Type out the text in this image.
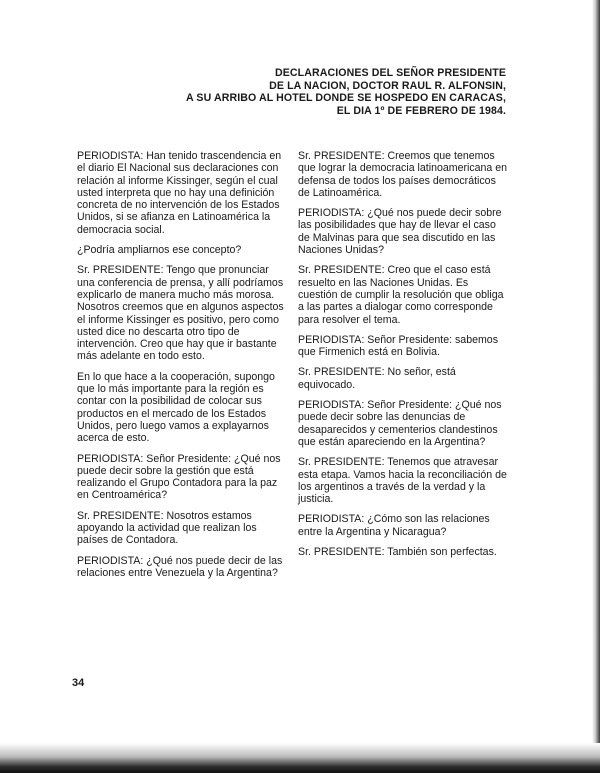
DECLARACIONES DEL SEÑOR PRESIDENTE
DE LA NACION, DOCTOR RAUL R. ALFONSIN,
A SU ARRIBO AL HOTEL DONDE SE HOSPEDO EN CARACAS,
EL DIA 1º DE FEBRERO DE 1984.

PERIODISTA: Han tenido trascendencia en el diario El Nacional sus declaraciones con relación al informe Kissinger, según el cual usted interpreta que no hay una definición concreta de no intervención de los Estados Unidos, si se afianza en Latinoamérica la democracia social.

¿Podría ampliarnos ese concepto?

Sr. PRESIDENTE: Tengo que pronunciar una conferencia de prensa, y allí podríamos explicarlo de manera mucho más morosa. Nosotros creemos que en algunos aspectos el informe Kissinger es positivo, pero como usted dice no descarta otro tipo de intervención. Creo que hay que ir bastante más adelante en todo esto.

En lo que hace a la cooperación, supongo que lo más importante para la región es contar con la posibilidad de colocar sus productos en el mercado de los Estados Unidos, pero luego vamos a explayarnos acerca de esto.

PERIODISTA: Señor Presidente: ¿Qué nos puede decir sobre la gestión que está realizando el Grupo Contadora para la paz en Centroamérica?

Sr. PRESIDENTE: Nosotros estamos apoyando la actividad que realizan los países de Contadora.

PERIODISTA: ¿Qué nos puede decir de las relaciones entre Venezuela y la Argentina?

Sr. PRESIDENTE: Creemos que tenemos que lograr la democracia latinoamericana en defensa de todos los países democráticos de Latinoamérica.

PERIODISTA: ¿Qué nos puede decir sobre las posibilidades que hay de llevar el caso de Malvinas para que sea discutido en las Naciones Unidas?

Sr. PRESIDENTE: Creo que el caso está resuelto en las Naciones Unidas. Es cuestión de cumplir la resolución que obliga a las partes a dialogar como corresponde para resolver el tema.

PERIODISTA: Señor Presidente: sabemos que Firmenich está en Bolivia.

Sr. PRESIDENTE: No señor, está equivocado.

PERIODISTA: Señor Presidente: ¿Qué nos puede decir sobre las denuncias de desaparecidos y cementerios clandestinos que están apareciendo en la Argentina?

Sr. PRESIDENTE: Tenemos que atravesar esta etapa. Vamos hacia la reconciliación de los argentinos a través de la verdad y la justicia.

PERIODISTA: ¿Cómo son las relaciones entre la Argentina y Nicaragua?

Sr. PRESIDENTE: También son perfectas.

34
